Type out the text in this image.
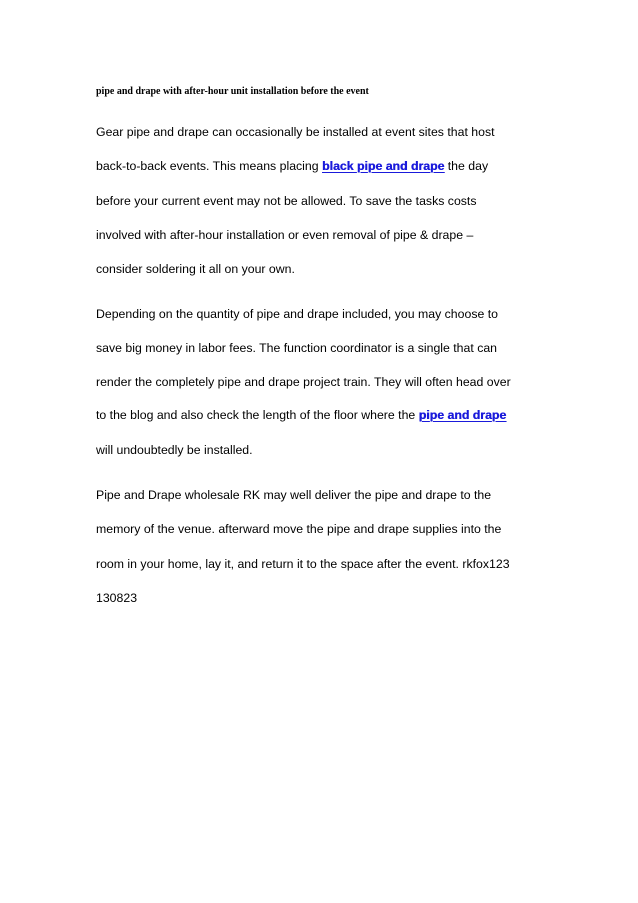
pipe and drape with after-hour unit installation before the event
Gear pipe and drape can occasionally be installed at event sites that host
back-to-back events. This means placing black pipe and drape the day
before your current event may not be allowed. To save the tasks costs
involved with after-hour installation or even removal of pipe & drape –
consider soldering it all on your own.
Depending on the quantity of pipe and drape included, you may choose to
save big money in labor fees. The function coordinator is a single that can
render the completely pipe and drape project train. They will often head over
to the blog and also check the length of the floor where the pipe and drape
will undoubtedly be installed.
Pipe and Drape wholesale RK may well deliver the pipe and drape to the
memory of the venue. afterward move the pipe and drape supplies into the
room in your home, lay it, and return it to the space after the event. rkfox123
130823
